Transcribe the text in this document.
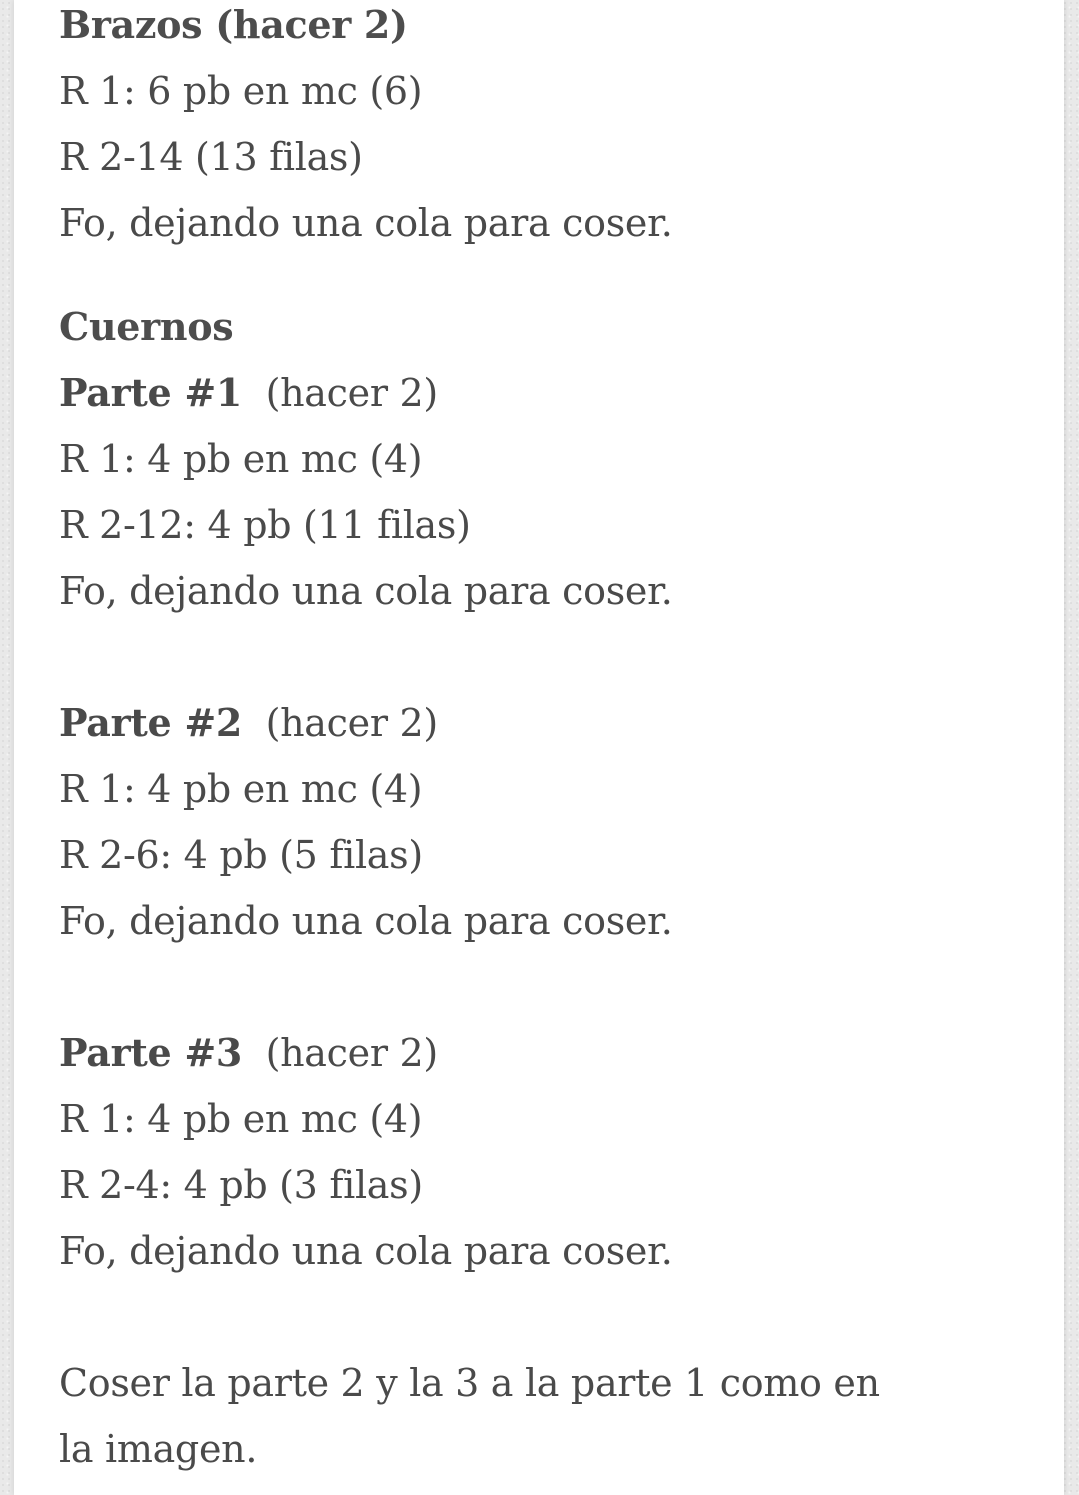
Brazos (hacer 2)
R 1: 6 pb en mc (6)
R 2-14 (13 filas)
Fo, dejando una cola para coser.
Cuernos
Parte #1  (hacer 2)
R 1: 4 pb en mc (4)
R 2-12: 4 pb (11 filas)
Fo, dejando una cola para coser.
Parte #2  (hacer 2)
R 1: 4 pb en mc (4)
R 2-6: 4 pb (5 filas)
Fo, dejando una cola para coser.
Parte #3  (hacer 2)
R 1: 4 pb en mc (4)
R 2-4: 4 pb (3 filas)
Fo, dejando una cola para coser.
Coser la parte 2 y la 3 a la parte 1 como en la imagen.
